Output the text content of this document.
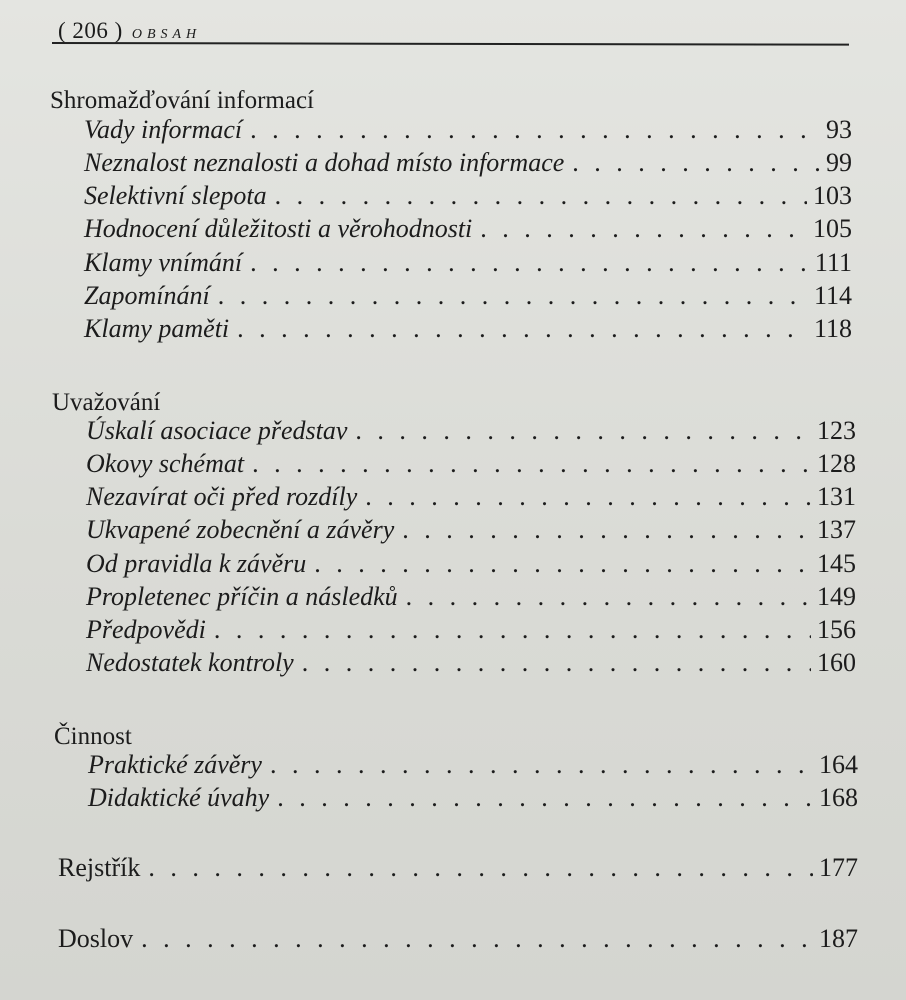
( 206 ) OBSAH
Shromažďování informací
Vady informací . . .	93
Neznalost neznalosti a dohad místo informace . . .	99
Selektivní slepota . . .	103
Hodnocení důležitosti a věrohodnosti . . .	105
Klamy vnímání . . .	111
Zapomínání . . .	114
Klamy paměti . . .	118
Uvažování
Úskalí asociace představ . . .	123
Okovy schémat . . .	128
Nezavírat oči před rozdíly . . .	131
Ukvapené zobecnění a závěry . . .	137
Od pravidla k závěru . . .	145
Propletenec příčin a následků . . .	149
Předpovědi . . .	156
Nedostatek kontroly . . .	160
Činnost
Praktické závěry . . .	164
Didaktické úvahy . . .	168
Rejstřík . . .	177
Doslov . . .	187
